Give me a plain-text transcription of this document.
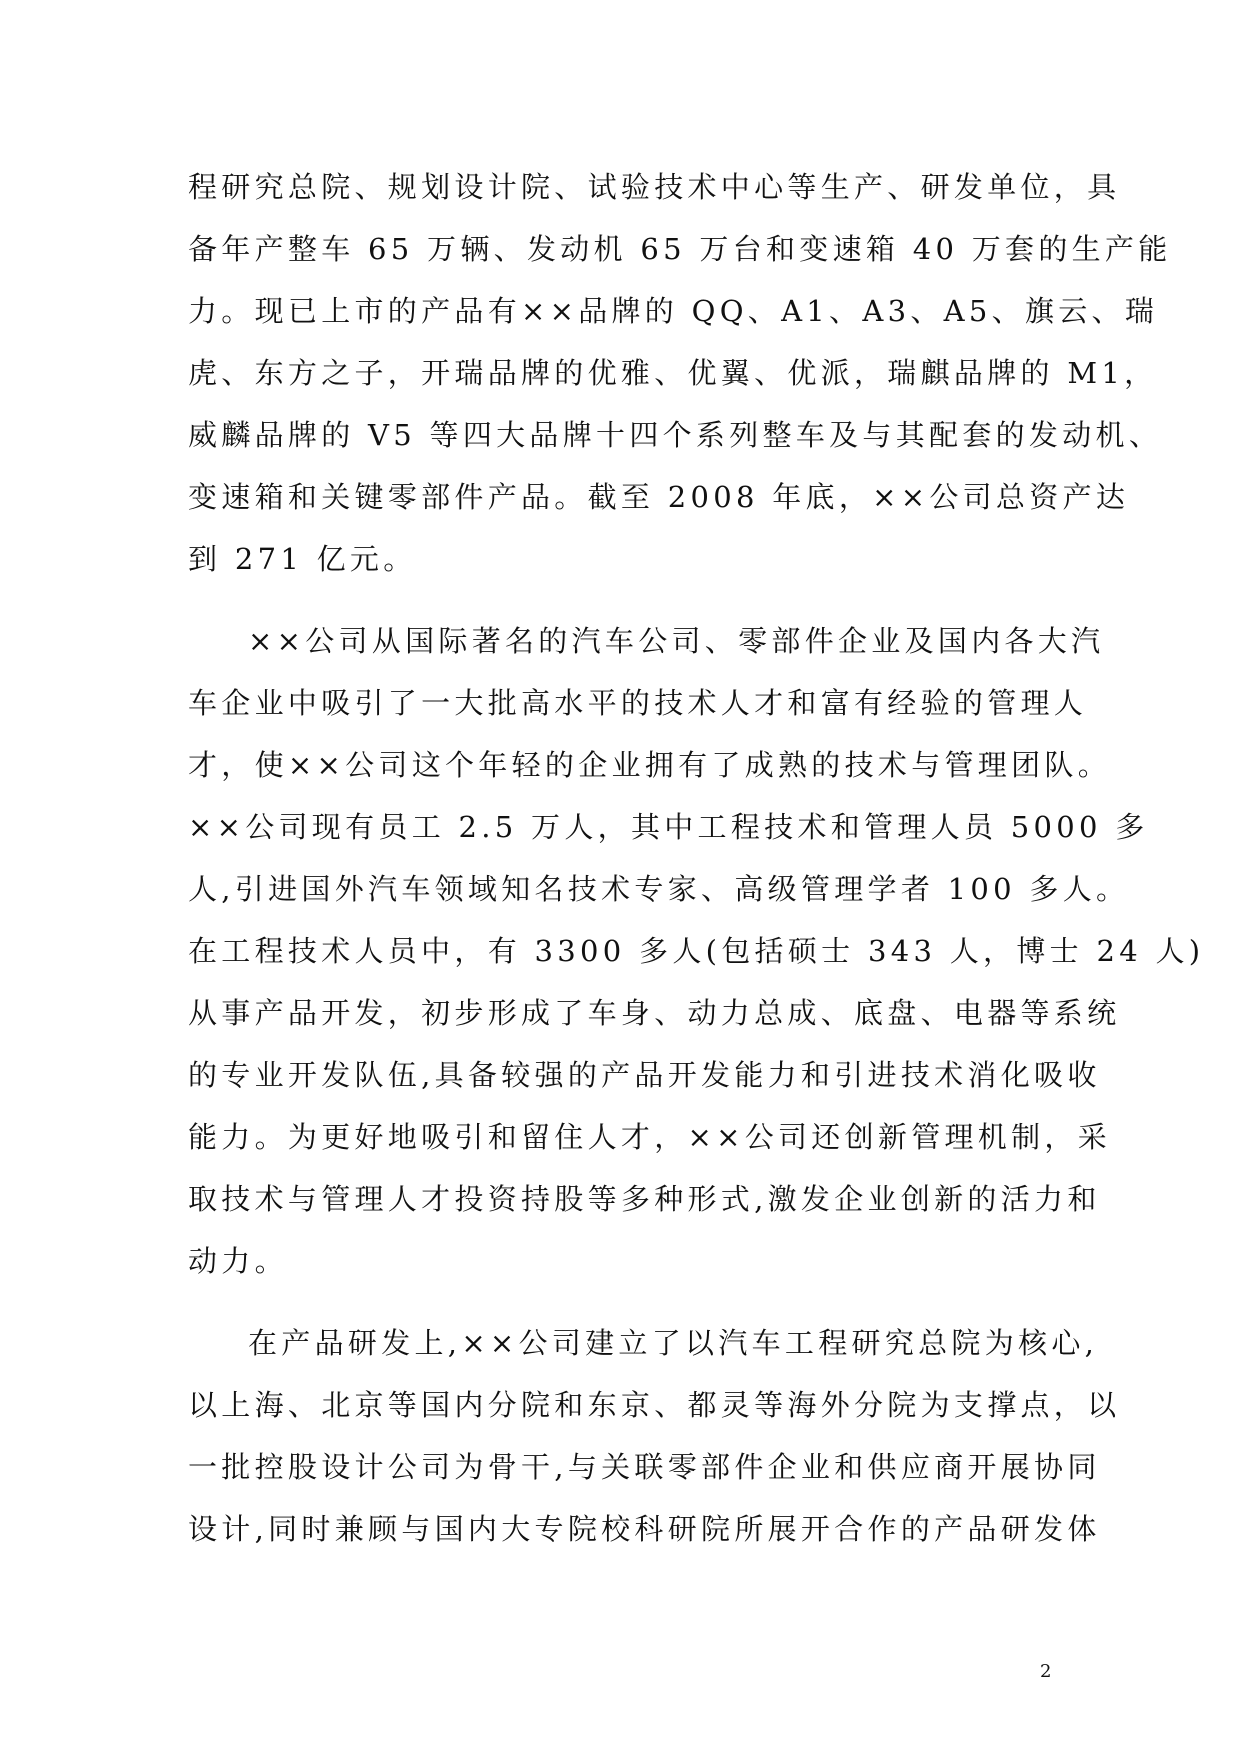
程研究总院、规划设计院、试验技术中心等生产、研发单位，具
备年产整车 65 万辆、发动机 65 万台和变速箱 40 万套的生产能
力。现已上市的产品有××品牌的 QQ、A1、A3、A5、旗云、瑞
虎、东方之子，开瑞品牌的优雅、优翼、优派，瑞麒品牌的 M1，
威麟品牌的 V5 等四大品牌十四个系列整车及与其配套的发动机、
变速箱和关键零部件产品。截至 2008 年底，××公司总资产达
到 271 亿元。
××公司从国际著名的汽车公司、零部件企业及国内各大汽
车企业中吸引了一大批高水平的技术人才和富有经验的管理人
才，使××公司这个年轻的企业拥有了成熟的技术与管理团队。
××公司现有员工 2.5 万人，其中工程技术和管理人员 5000 多
人,引进国外汽车领域知名技术专家、高级管理学者 100 多人。
在工程技术人员中，有 3300 多人(包括硕士 343 人，博士 24 人)
从事产品开发，初步形成了车身、动力总成、底盘、电器等系统
的专业开发队伍,具备较强的产品开发能力和引进技术消化吸收
能力。为更好地吸引和留住人才，××公司还创新管理机制，采
取技术与管理人才投资持股等多种形式,激发企业创新的活力和
动力。
在产品研发上,××公司建立了以汽车工程研究总院为核心,
以上海、北京等国内分院和东京、都灵等海外分院为支撑点，以
一批控股设计公司为骨干,与关联零部件企业和供应商开展协同
设计,同时兼顾与国内大专院校科研院所展开合作的产品研发体
2
